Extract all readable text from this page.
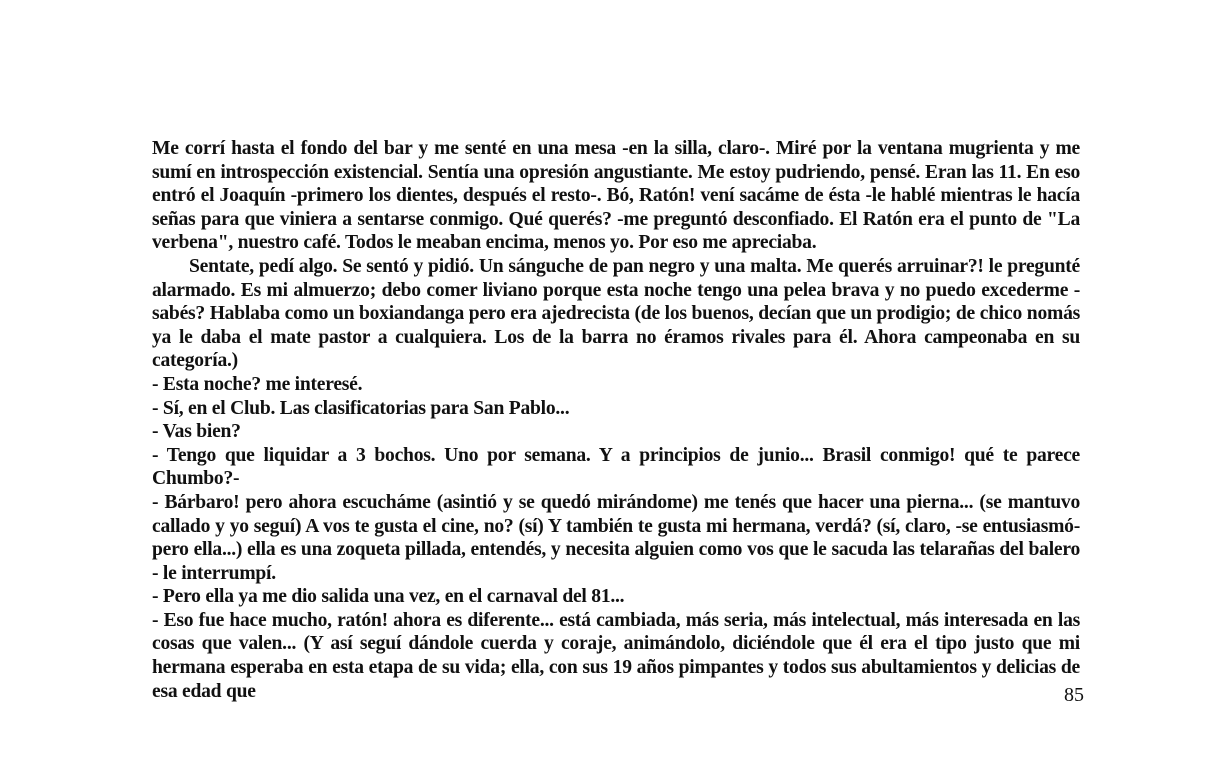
Me corrí hasta el fondo del bar y me senté en una mesa -en la silla, claro-. Miré por la ventana mugrienta y me sumí en introspección existencial. Sentía una opresión angustiante. Me estoy pudriendo, pensé. Eran las 11. En eso entró el Joaquín -primero los dientes, después el resto-. Bó, Ratón! vení sacáme de ésta -le hablé mientras le hacía señas para que viniera a sentarse conmigo. Qué querés? -me preguntó desconfiado. El Ratón era el punto de "La verbena", nuestro café. Todos le meaban encima, menos yo. Por eso me apreciaba.

Sentate, pedí algo. Se sentó y pidió. Un sánguche de pan negro y una malta. Me querés arruinar?! le pregunté alarmado. Es mi almuerzo; debo comer liviano porque esta noche tengo una pelea brava y no puedo excederme -sabés? Hablaba como un boxiandanga pero era ajedrecista (de los buenos, decían que un prodigio; de chico nomás ya le daba el mate pastor a cualquiera. Los de la barra no éramos rivales para él. Ahora campeonaba en su categoría.)

- Esta noche? me interesé.

- Sí, en el Club. Las clasificatorias para San Pablo...

- Vas bien?

- Tengo que liquidar a 3 bochos. Uno por semana. Y a principios de junio... Brasil conmigo! qué te parece Chumbo?-

- Bárbaro! pero ahora escucháme (asintió y se quedó mirándome) me tenés que hacer una pierna... (se mantuvo callado y yo seguí) A vos te gusta el cine, no? (sí) Y también te gusta mi hermana, verdá? (sí, claro, -se entusiasmó- pero ella...) ella es una zoqueta pillada, entendés, y necesita alguien como vos que le sacuda las telarañas del balero - le interrumpí.

- Pero ella ya me dio salida una vez, en el carnaval del 81...

- Eso fue hace mucho, ratón! ahora es diferente... está cambiada, más seria, más intelectual, más interesada en las cosas que valen... (Y así seguí dándole cuerda y coraje, animándolo, diciéndole que él era el tipo justo que mi hermana esperaba en esta etapa de su vida; ella, con sus 19 años pimpantes y todos sus abultamientos y delicias de esa edad que	85
